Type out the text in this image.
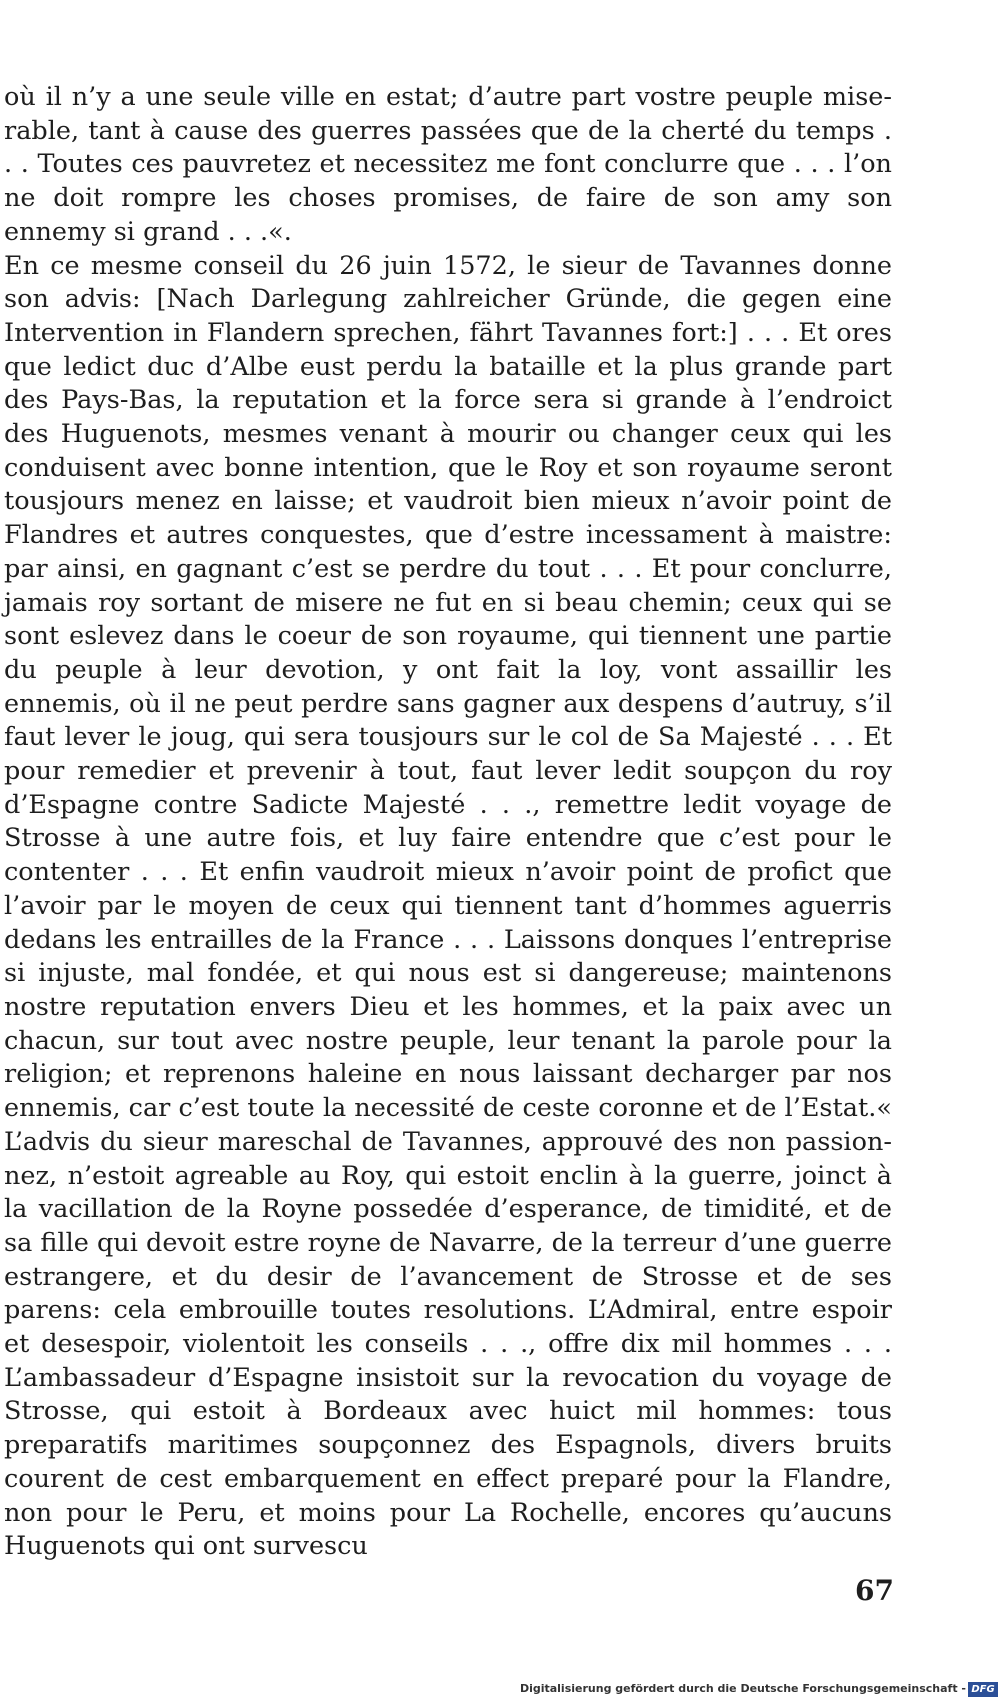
où il n’y a une seule ville en estat; d’autre part vostre peuple miserable, tant à cause des guerres passées que de la cherté du temps . . . Toutes ces pauvretez et necessitez me font conclurre que . . . l’on ne doit rompre les choses promises, de faire de son amy son ennemy si grand . . .«.

En ce mesme conseil du 26 juin 1572, le sieur de Tavannes donne son advis: [Nach Darlegung zahlreicher Gründe, die gegen eine Intervention in Flandern sprechen, fährt Tavannes fort:] . . . Et ores que ledict duc d’Albe eust perdu la bataille et la plus grande part des Pays-Bas, la reputation et la force sera si grande à l’endroict des Huguenots, mesmes venant à mourir ou changer ceux qui les conduisent avec bonne intention, que le Roy et son royaume seront tousjours menez en laisse; et vaudroit bien mieux n’avoir point de Flandres et autres conquestes, que d’estre incessament à maistre: par ainsi, en gagnant c’est se perdre du tout . . . Et pour conclurre, jamais roy sortant de misere ne fut en si beau chemin; ceux qui se sont eslevez dans le coeur de son royaume, qui tiennent une partie du peuple à leur devotion, y ont fait la loy, vont assaillir les ennemis, où il ne peut perdre sans gagner aux despens d’autruy, s’il faut lever le joug, qui sera tousjours sur le col de Sa Majesté . . . Et pour remedier et prevenir à tout, faut lever ledit soupçon du roy d’Espagne contre Sadicte Majesté . . ., remettre ledit voyage de Strosse à une autre fois, et luy faire entendre que c’est pour le contenter . . . Et enfin vaudroit mieux n’avoir point de profict que l’avoir par le moyen de ceux qui tiennent tant d’hommes aguerris dedans les entrailles de la France . . . Laissons donques l’entreprise si injuste, mal fondée, et qui nous est si dangereuse; maintenons nostre reputation envers Dieu et les hommes, et la paix avec un chacun, sur tout avec nostre peuple, leur tenant la parole pour la religion; et reprenons haleine en nous laissant decharger par nos ennemis, car c’est toute la necessité de ceste coronne et de l’Estat.«

L’advis du sieur mareschal de Tavannes, approuvé des non passionnez, n’estoit agreable au Roy, qui estoit enclin à la guerre, joinct à la vacillation de la Royne possedée d’esperance, de timidité, et de sa fille qui devoit estre royne de Navarre, de la terreur d’une guerre estrangere, et du desir de l’avancement de Strosse et de ses parens: cela embrouille toutes resolutions. L’Admiral, entre espoir et desespoir, violentoit les conseils . . ., offre dix mil hommes . . . L’ambassadeur d’Espagne insistoit sur la revocation du voyage de Strosse, qui estoit à Bordeaux avec huict mil hommes: tous preparatifs maritimes soupçonnez des Espagnols, divers bruits courent de cest embarquement en effect preparé pour la Flandre, non pour le Peru, et moins pour La Rochelle, encores qu’aucuns Huguenots qui ont survescu

67
Digitalisierung gefördert durch die Deutsche Forschungsgemeinschaft - DFG
